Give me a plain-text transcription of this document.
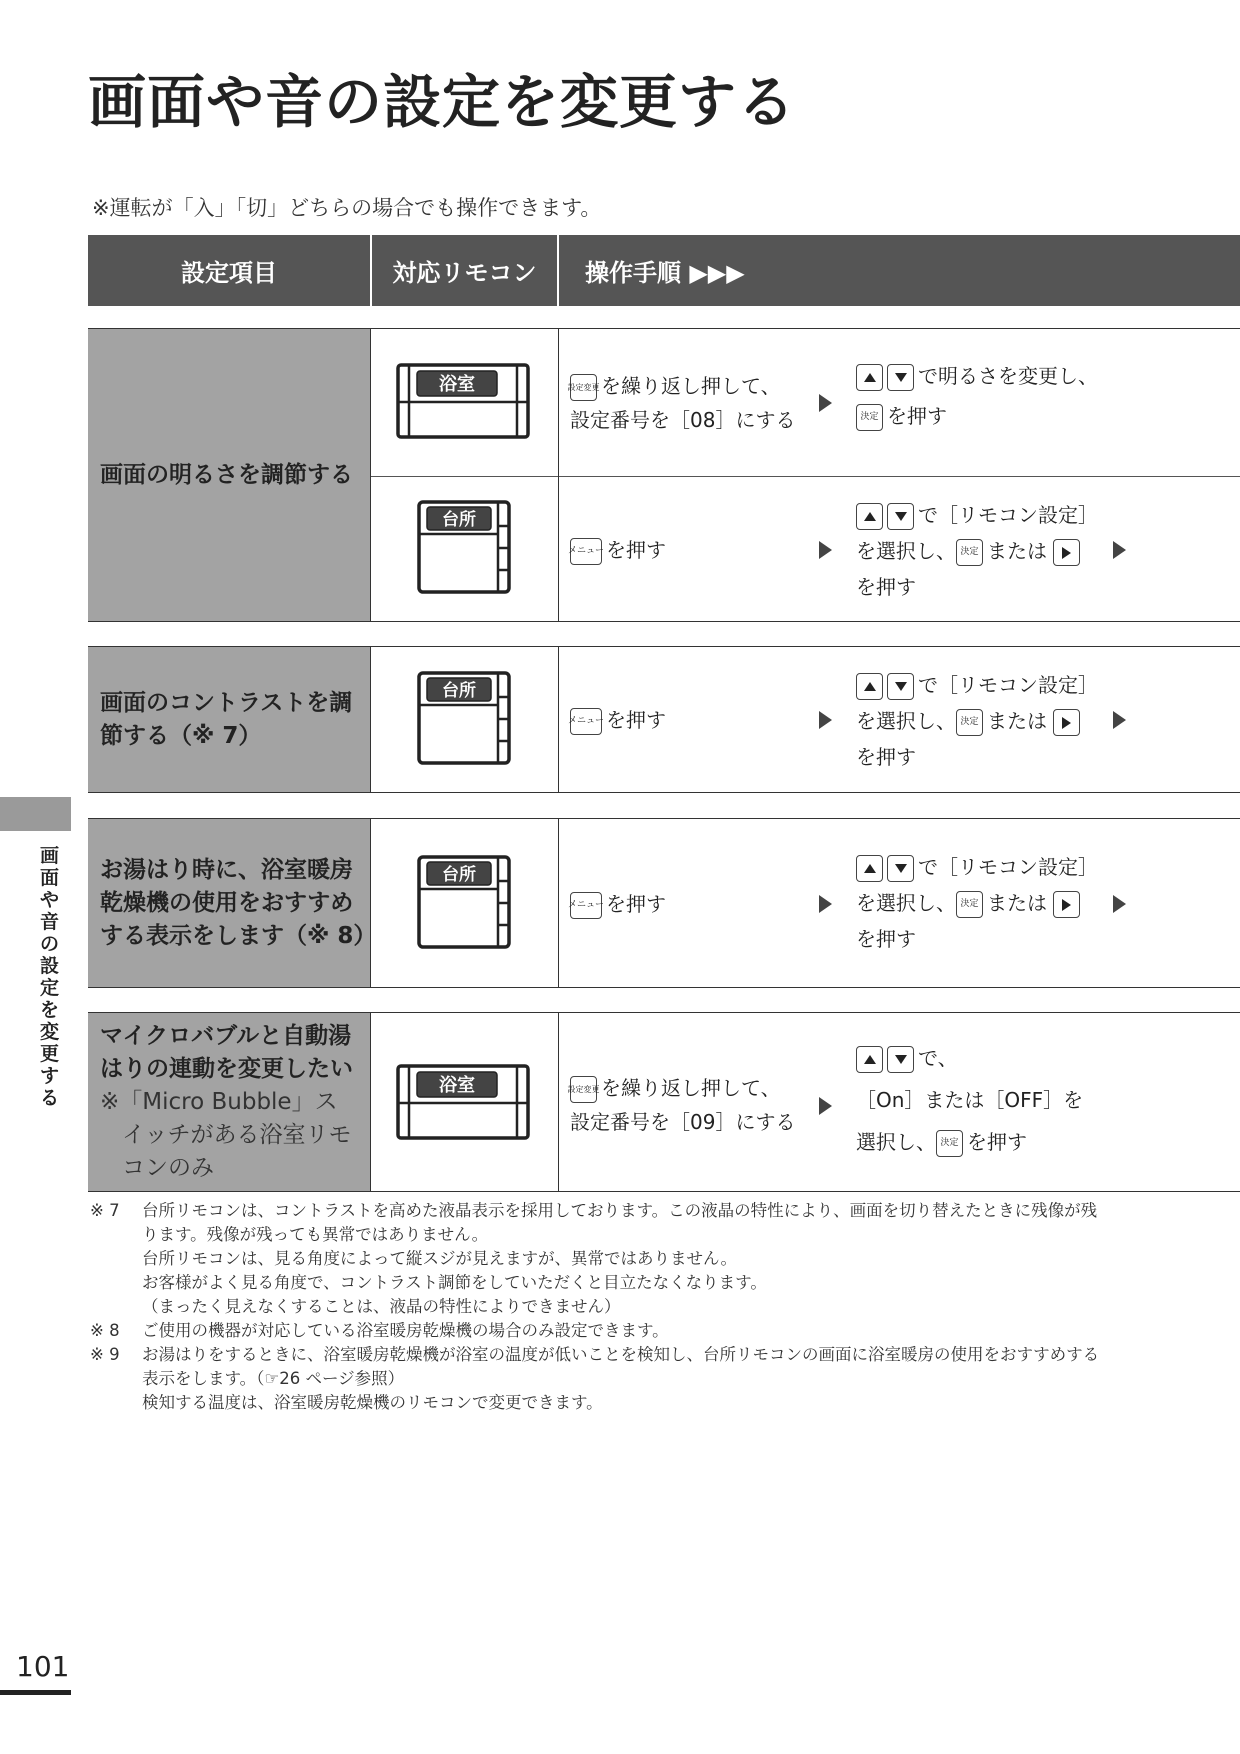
画面や音の設定を変更する
※運転が「入」「切」どちらの場合でも操作できます。
設定項目	対応リモコン 操作手順 ▶▶▶
画面の明るさを調節する
浴室
台所
設定変更を繰り返し押して、
設定番号を［08］にする
で明るさを変更し、
決定 を押す
メニューを押す
で［リモコン設定］
を選択し、 決定 または
を押す
画面のコントラストを調
節する（※ 7）
台所
メニューを押す
で［リモコン設定］
を選択し、 決定 または
を押す
お湯はり時に、浴室暖房
乾燥機の使用をおすすめ
する表示をします（※ 8）
台所
メニューを押す
で［リモコン設定］
を選択し、 決定 または
を押す
マイクロバブルと自動湯
はりの連動を変更したい
※「Micro Bubble」ス
イッチがある浴室リモ
コンのみ
浴室	設定変更を繰り返し押して、
設定番号を［09］にする
で、
［On］または［OFF］を
選択し、 決定 を押す
※ 7 台所リモコンは、コントラストを高めた液晶表示を採用しております。この液晶の特性により、画面を切り替えたときに残像が残
ります。残像が残っても異常ではありません。
台所リモコンは、見る角度によって縦スジが見えますが、異常ではありません。
お客様がよく見る角度で、コントラスト調節をしていただくと目立たなくなります。
（まったく見えなくすることは、液晶の特性によりできません）
※ 8 ご使用の機器が対応している浴室暖房乾燥機の場合のみ設定できます。
※ 9 お湯はりをするときに、浴室暖房乾燥機が浴室の温度が低いことを検知し、台所リモコンの画面に浴室暖房の使用をおすすめする
表示をします。（☞26 ページ参照）
検知する温度は、浴室暖房乾燥機のリモコンで変更できます。
画面や音の設定を変更する
101
